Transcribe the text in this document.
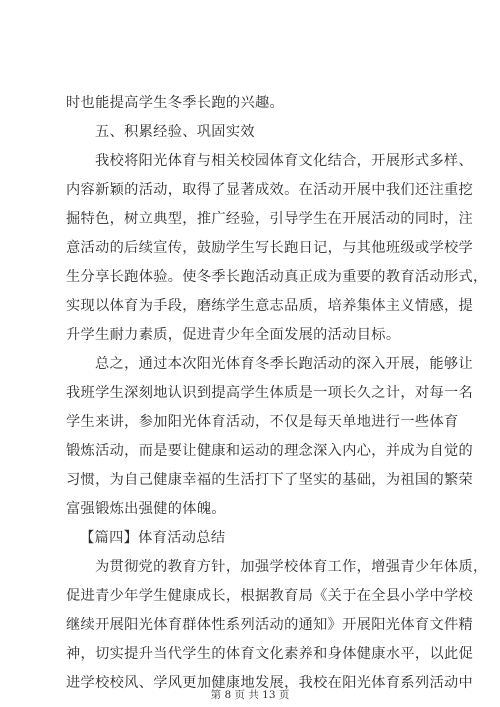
时也能提高学生冬季长跑的兴趣。
五、积累经验、巩固实效
我校将阳光体育与相关校园体育文化结合，开展形式多样、
内容新颖的活动，取得了显著成效。在活动开展中我们还注重挖
掘特色，树立典型，推广经验，引导学生在开展活动的同时，注
意活动的后续宣传，鼓励学生写长跑日记，与其他班级或学校学
生分享长跑体验。使冬季长跑活动真正成为重要的教育活动形式，
实现以体育为手段，磨练学生意志品质，培养集体主义情感，提
升学生耐力素质，促进青少年全面发展的活动目标。
总之，通过本次阳光体育冬季长跑活动的深入开展，能够让
我班学生深刻地认识到提高学生体质是一项长久之计，对每一名
学生来讲，参加阳光体育活动，不仅是每天单地进行一些体育
锻炼活动，而是要让健康和运动的理念深入内心，并成为自觉的
习惯，为自己健康幸福的生活打下了坚实的基础，为祖国的繁荣
富强锻炼出强健的体魄。
【篇四】体育活动总结
为贯彻党的教育方针，加强学校体育工作，增强青少年体质，
促进青少年学生健康成长，根据教育局《关于在全县小学中学校
继续开展阳光体育群体性系列活动的通知》开展阳光体育文件精
神，切实提升当代学生的体育文化素养和身体健康水平，以此促
进学校校风、学风更加健康地发展，我校在阳光体育系列活动中
第 8 页 共 13 页
